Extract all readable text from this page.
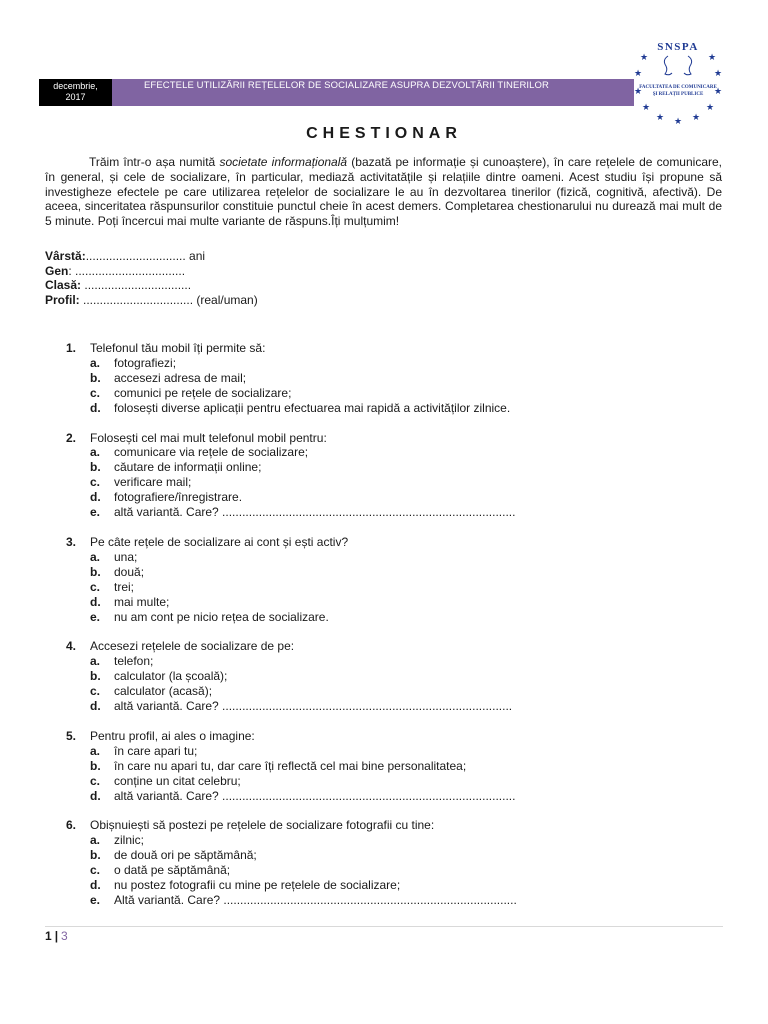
decembrie,
2017
EFECTELE UTILIZĂRII REȚELELOR DE SOCIALIZARE ASUPRA DEZVOLTĂRII TINERILOR
SNSPA
FACULTATEA DE COMUNICARE
ŞI RELAȚII PUBLICE
★	★
★	★
★	★
★	★
★	★
★
CHESTIONAR
Trăim într-o așa numită societate informațională (bazată pe informație și cunoaștere), în care rețelele de comunicare, în general, și cele de socializare, în particular, mediază activitatățile și relațiile dintre oameni. Acest studiu își propune să investigheze efectele pe care utilizarea rețelelor de socializare le au în dezvoltarea tinerilor (fizică, cognitivă, afectivă). De aceea, sinceritatea răspunsurilor constituie punctul cheie în acest demers. Completarea chestionarului nu durează mai mult de 5 minute. Poți încercui mai multe variante de răspuns.Îți mulțumim!
Vârstă:.............................. ani
Gen: .................................
Clasă: ................................
Profil: ................................. (real/uman)
1.	Telefonul tău mobil îți permite să:
a.	fotografiezi;
b.	accesezi adresa de mail;
c.	comunici pe rețele de socializare;
d.	folosești diverse aplicații pentru efectuarea mai rapidă a activităților zilnice.
2.	Folosești cel mai mult telefonul mobil pentru:
a.	comunicare via rețele de socializare;
b.	căutare de informații online;
c.	verificare mail;
d.	fotografiere/înregistrare.
e.	altă variantă. Care? ........................................................................................
3.	Pe câte rețele de socializare ai cont și ești activ?
a.	una;
b.	două;
c.	trei;
d.	mai multe;
e.	nu am cont pe nicio rețea de socializare.
4.	Accesezi rețelele de socializare de pe:
a.	telefon;
b.	calculator (la școală);
c.	calculator (acasă);
d.	altă variantă. Care? .......................................................................................
5.	Pentru profil, ai ales o imagine:
a.	în care apari tu;
b.	în care nu apari tu, dar care îți reflectă cel mai bine personalitatea;
c.	conține un citat celebru;
d.	altă variantă. Care? ........................................................................................
6.	Obișnuiești să postezi pe rețelele de socializare fotografii cu tine:
a.	zilnic;
b.	de două ori pe săptămână;
c.	o dată pe săptămână;
d.	nu postez fotografii cu mine pe rețelele de socializare;
e.	Altă variantă. Care? ........................................................................................
1 | 3
